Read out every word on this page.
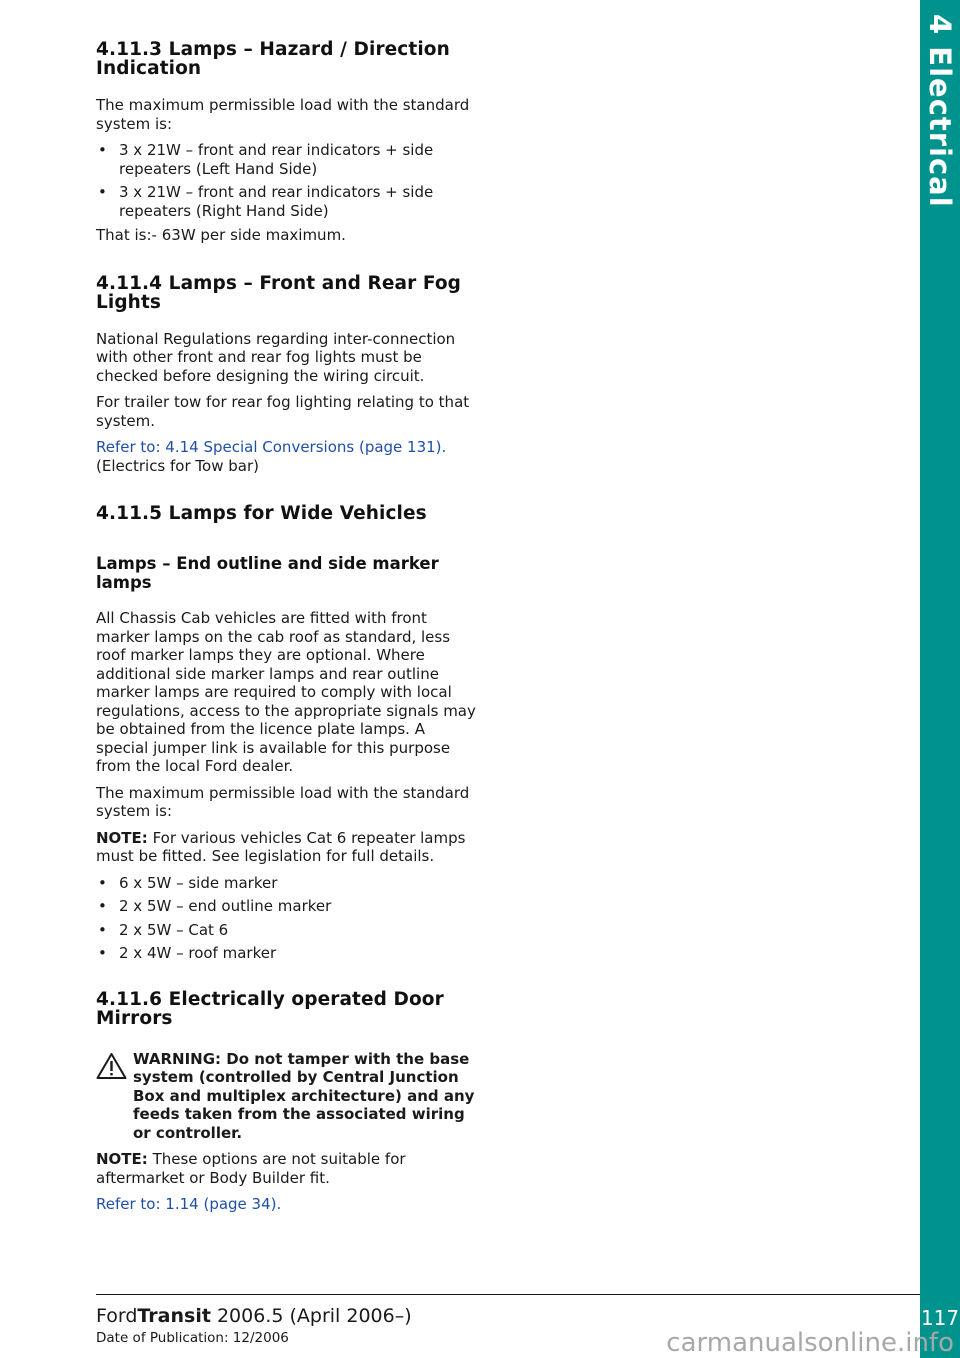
4 Electrical
117
4.11.3 Lamps – Hazard / Direction Indication

The maximum permissible load with the standard system is:

• 3 x 21W – front and rear indicators + side repeaters (Left Hand Side)
• 3 x 21W – front and rear indicators + side repeaters (Right Hand Side)

That is:- 63W per side maximum.

4.11.4 Lamps – Front and Rear Fog Lights

National Regulations regarding inter-connection with other front and rear fog lights must be checked before designing the wiring circuit.

For trailer tow for rear fog lighting relating to that system.

Refer to: 4.14 Special Conversions (page 131).
(Electrics for Tow bar)

4.11.5 Lamps for Wide Vehicles
Lamps – End outline and side marker lamps

All Chassis Cab vehicles are fitted with front marker lamps on the cab roof as standard, less roof marker lamps they are optional. Where additional side marker lamps and rear outline marker lamps are required to comply with local regulations, access to the appropriate signals may be obtained from the licence plate lamps. A special jumper link is available for this purpose from the local Ford dealer.

The maximum permissible load with the standard system is:

NOTE: For various vehicles Cat 6 repeater lamps must be fitted. See legislation for full details.

• 6 x 5W – side marker
• 2 x 5W – end outline marker
• 2 x 5W – Cat 6
• 2 x 4W – roof marker
4.11.6 Electrically operated Door Mirrors
WARNING: Do not tamper with the base system (controlled by Central Junction Box and multiplex architecture) and any feeds taken from the associated wiring or controller.

NOTE: These options are not suitable for aftermarket or Body Builder fit.

Refer to: 1.14 (page 34).

FordTransit 2006.5 (April 2006–)
Date of Publication: 12/2006	carmanualsonline.info
